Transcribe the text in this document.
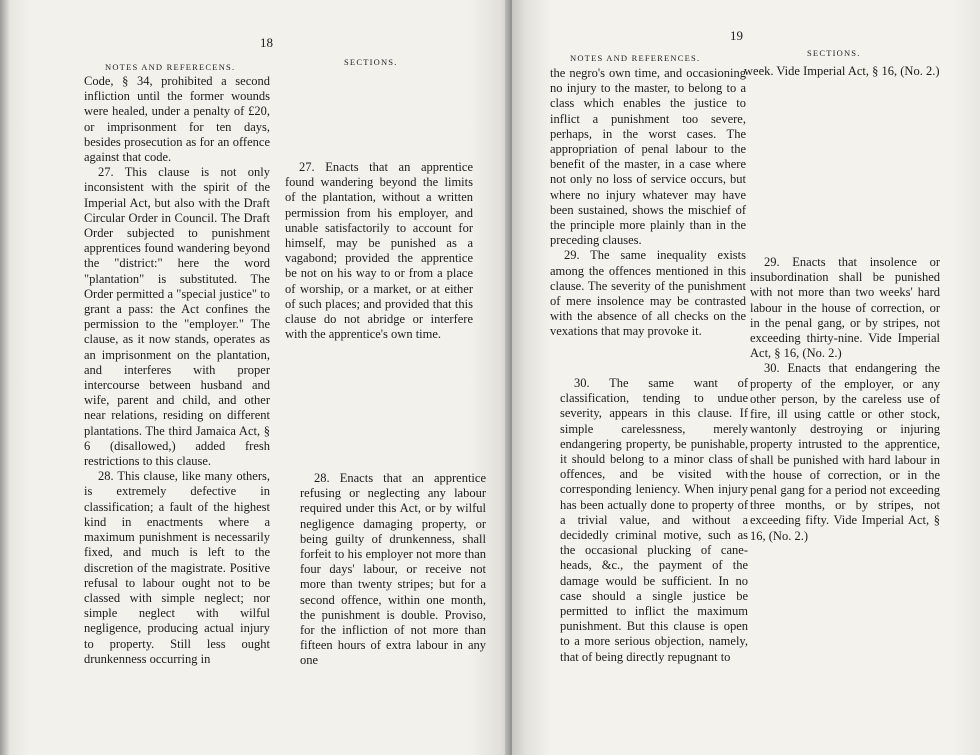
18
NOTES AND REFERECENS.	SECTIONS.

Code, § 34, prohibited a second infliction until the former wounds were healed, under a penalty of £20, or imprisonment for ten days, besides prosecution as for an offence against that code.

27. This clause is not only inconsistent with the spirit of the Imperial Act, but also with the Draft Circular Order in Council. The Draft Order subjected to punishment apprentices found wandering beyond the "district:" here the word "plantation" is substituted. The Order permitted a "special justice" to grant a pass: the Act confines the permission to the "employer." The clause, as it now stands, operates as an imprisonment on the plantation, and interferes with proper intercourse between husband and wife, parent and child, and other near relations, residing on different plantations. The third Jamaica Act, § 6 (disallowed,) added fresh restrictions to this clause.

28. This clause, like many others, is extremely defective in classification; a fault of the highest kind in enactments where a maximum punishment is necessarily fixed, and much is left to the discretion of the magistrate. Positive refusal to labour ought not to be classed with simple neglect; nor simple neglect with wilful negligence, producing actual injury to property. Still less ought drunkenness occurring in

27. Enacts that an apprentice found wandering beyond the limits of the plantation, without a written permission from his employer, and unable satisfactorily to account for himself, may be punished as a vagabond; provided the apprentice be not on his way to or from a place of worship, or a market, or at either of such places; and provided that this clause do not abridge or interfere with the apprentice's own time.

28. Enacts that an apprentice refusing or neglecting any labour required under this Act, or by wilful negligence damaging property, or being guilty of drunkenness, shall forfeit to his employer not more than four days' labour, or receive not more than twenty stripes; but for a second offence, within one month, the punishment is double. Proviso, for the infliction of not more than fifteen hours of extra labour in any one

19
NOTES AND REFERENCES.	SECTIONS.

the negro's own time, and occasioning no injury to the master, to belong to a class which enables the justice to inflict a punishment too severe, perhaps, in the worst cases. The appropriation of penal labour to the benefit of the master, in a case where not only no loss of service occurs, but where no injury whatever may have been sustained, shows the mischief of the principle more plainly than in the preceding clauses.

29. The same inequality exists among the offences mentioned in this clause. The severity of the punishment of mere insolence may be contrasted with the absence of all checks on the vexations that may provoke it.

30. The same want of classification, tending to undue severity, appears in this clause. If simple carelessness, merely endangering property, be punishable, it should belong to a minor class of offences, and be visited with corresponding leniency. When injury has been actually done to property of a trivial value, and without a decidedly criminal motive, such as the occasional plucking of cane-heads, &c., the payment of the damage would be sufficient. In no case should a single justice be permitted to inflict the maximum punishment. But this clause is open to a more serious objection, namely, that of being directly repugnant to

week. Vide Imperial Act, § 16, (No. 2.)

29. Enacts that insolence or insubordination shall be punished with not more than two weeks' hard labour in the house of correction, or in the penal gang, or by stripes, not exceeding thirty-nine. Vide Imperial Act, § 16, (No. 2.)

30. Enacts that endangering the property of the employer, or any other person, by the careless use of fire, ill using cattle or other stock, wantonly destroying or injuring property intrusted to the apprentice, shall be punished with hard labour in the house of correction, or in the penal gang for a period not exceeding three months, or by stripes, not exceeding fifty. Vide Imperial Act, § 16, (No. 2.)
